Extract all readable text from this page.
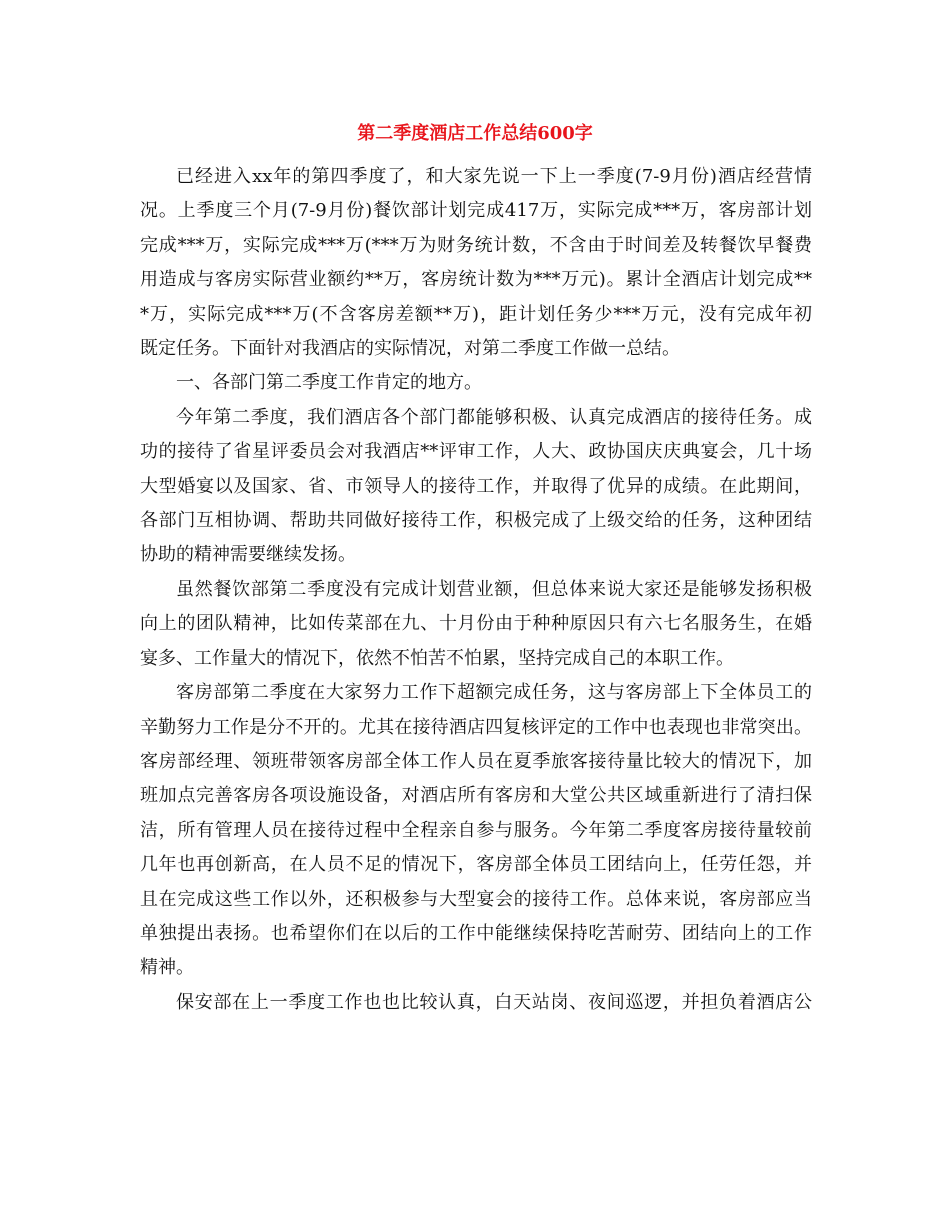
第二季度酒店工作总结600字
已经进入xx年的第四季度了，和大家先说一下上一季度(7-9月份)酒店经营情
况。上季度三个月(7-9月份)餐饮部计划完成417万，实际完成***万，客房部计划
完成***万，实际完成***万(***万为财务统计数，不含由于时间差及转餐饮早餐费
用造成与客房实际营业额约**万，客房统计数为***万元)。累计全酒店计划完成**
*万，实际完成***万(不含客房差额**万)，距计划任务少***万元，没有完成年初
既定任务。下面针对我酒店的实际情况，对第二季度工作做一总结。
一、各部门第二季度工作肯定的地方。
今年第二季度，我们酒店各个部门都能够积极、认真完成酒店的接待任务。成
功的接待了省星评委员会对我酒店**评审工作，人大、政协国庆庆典宴会，几十场
大型婚宴以及国家、省、市领导人的接待工作，并取得了优异的成绩。在此期间，
各部门互相协调、帮助共同做好接待工作，积极完成了上级交给的任务，这种团结
协助的精神需要继续发扬。
虽然餐饮部第二季度没有完成计划营业额，但总体来说大家还是能够发扬积极
向上的团队精神，比如传菜部在九、十月份由于种种原因只有六七名服务生，在婚
宴多、工作量大的情况下，依然不怕苦不怕累，坚持完成自己的本职工作。
客房部第二季度在大家努力工作下超额完成任务，这与客房部上下全体员工的
辛勤努力工作是分不开的。尤其在接待酒店四复核评定的工作中也表现也非常突出。
客房部经理、领班带领客房部全体工作人员在夏季旅客接待量比较大的情况下，加
班加点完善客房各项设施设备，对酒店所有客房和大堂公共区域重新进行了清扫保
洁，所有管理人员在接待过程中全程亲自参与服务。今年第二季度客房接待量较前
几年也再创新高，在人员不足的情况下，客房部全体员工团结向上，任劳任怨，并
且在完成这些工作以外，还积极参与大型宴会的接待工作。总体来说，客房部应当
单独提出表扬。也希望你们在以后的工作中能继续保持吃苦耐劳、团结向上的工作
精神。
保安部在上一季度工作也也比较认真，白天站岗、夜间巡逻，并担负着酒店公
